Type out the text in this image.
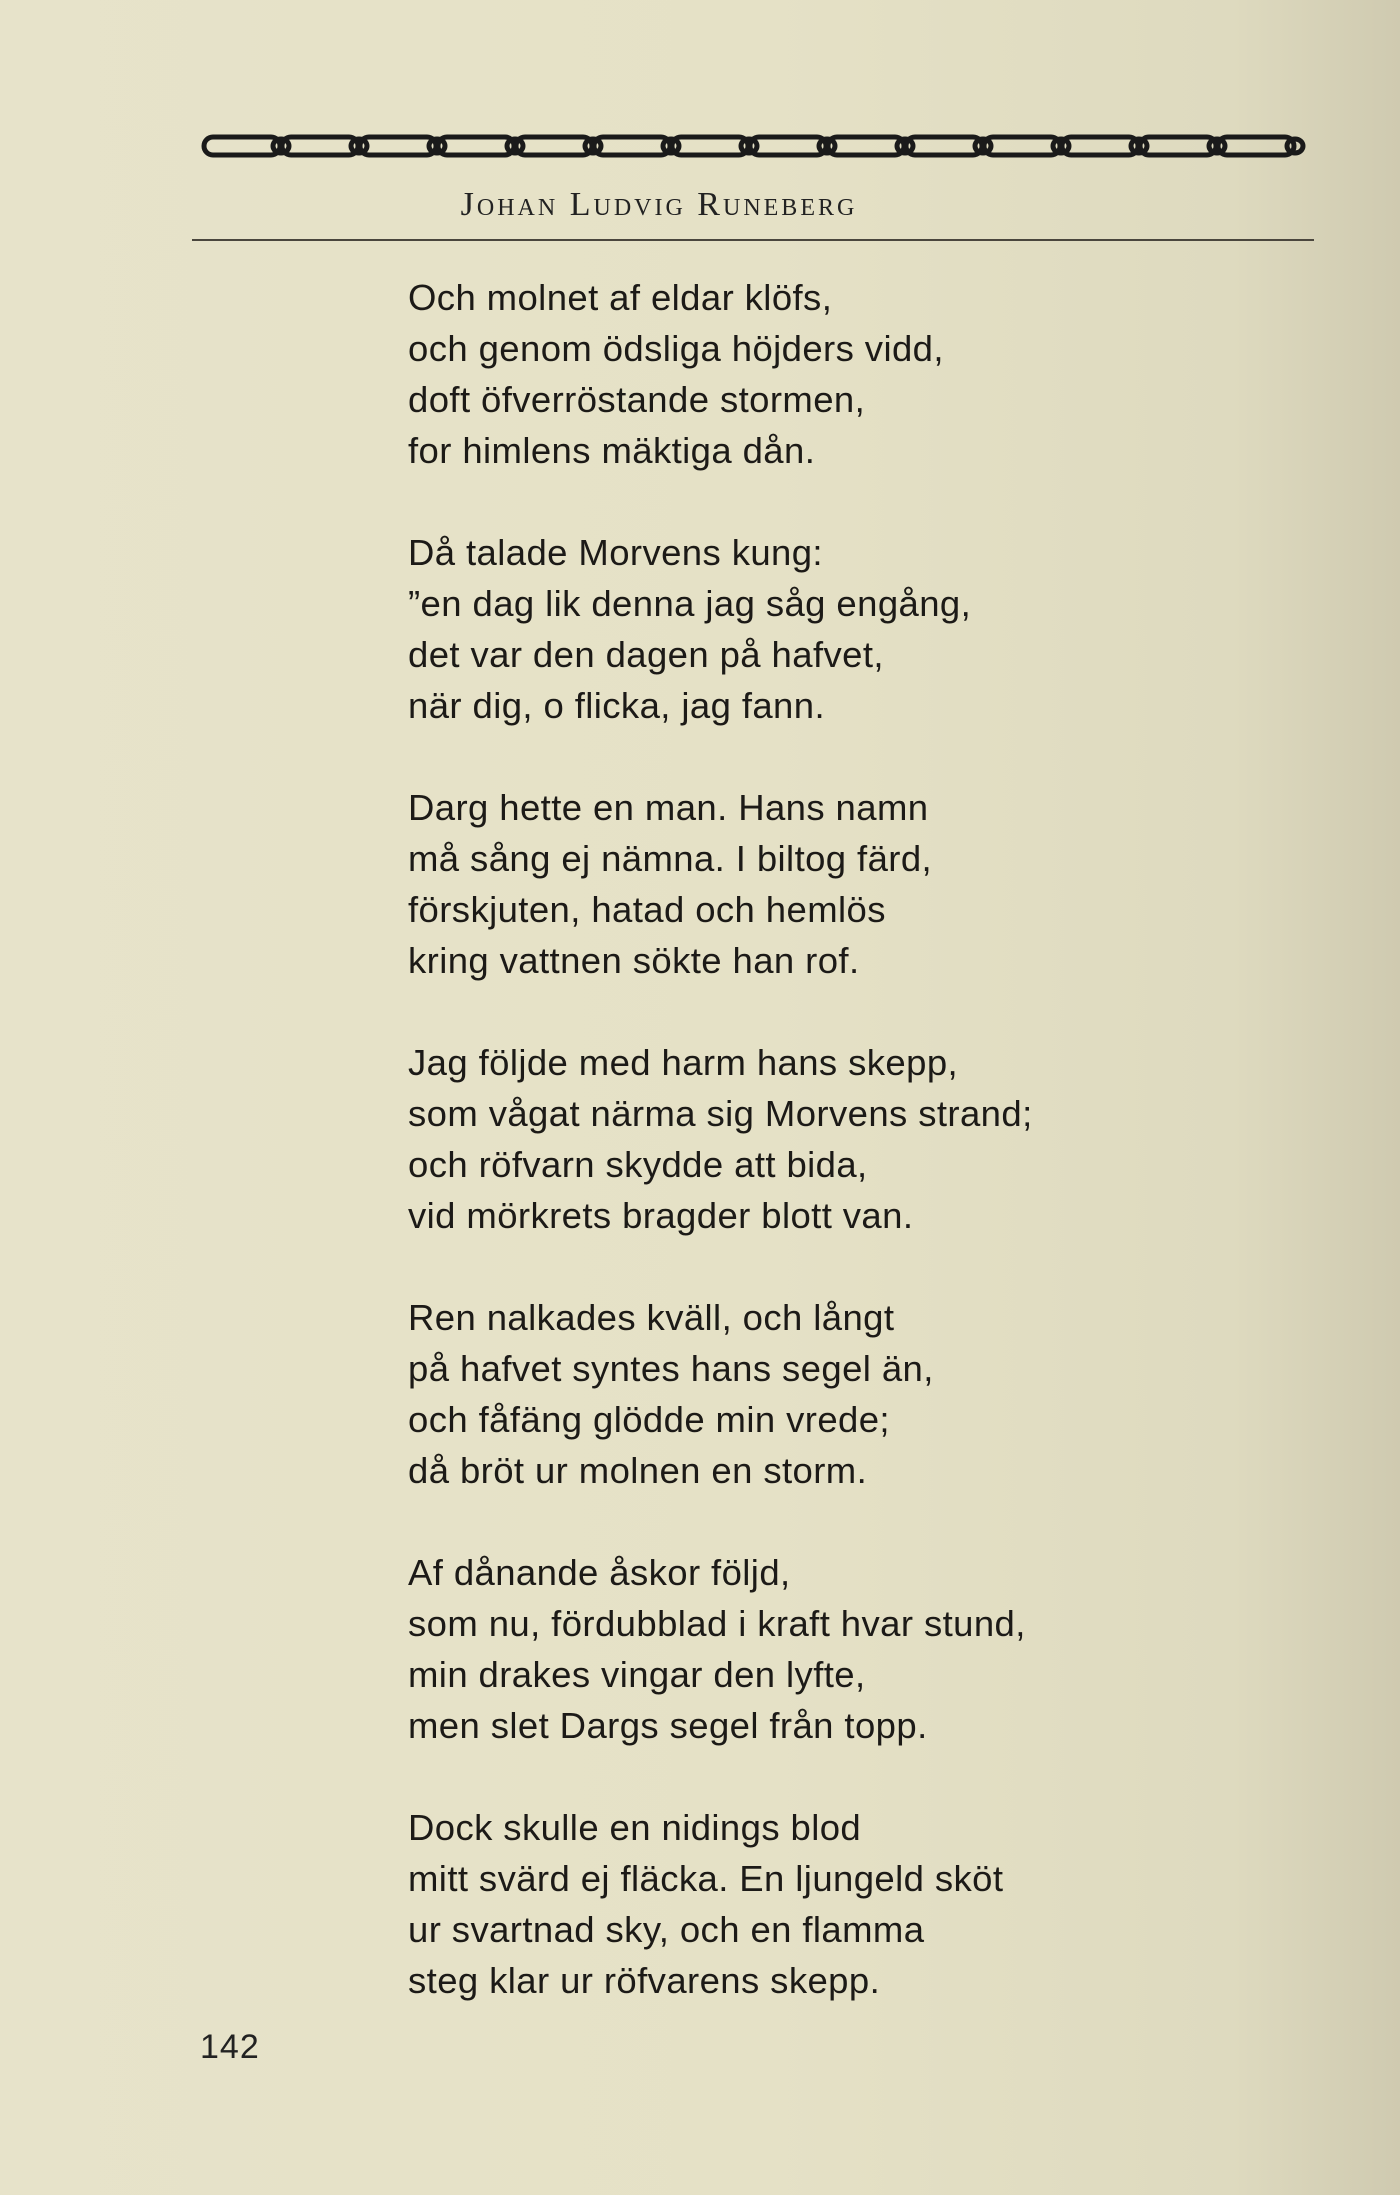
Johan Ludvig Runeberg
Och molnet af eldar klöfs,
och genom ödsliga höjders vidd,
doft öfverröstande stormen,
for himlens mäktiga dån.
Då talade Morvens kung:
”en dag lik denna jag såg engång,
det var den dagen på hafvet,
när dig, o flicka, jag fann.
Darg hette en man. Hans namn
må sång ej nämna. I biltog färd,
förskjuten, hatad och hemlös
kring vattnen sökte han rof.
Jag följde med harm hans skepp,
som vågat närma sig Morvens strand;
och röfvarn skydde att bida,
vid mörkrets bragder blott van.
Ren nalkades kväll, och långt
på hafvet syntes hans segel än,
och fåfäng glödde min vrede;
då bröt ur molnen en storm.
Af dånande åskor följd,
som nu, fördubblad i kraft hvar stund,
min drakes vingar den lyfte,
men slet Dargs segel från topp.
Dock skulle en nidings blod
mitt svärd ej fläcka. En ljungeld sköt
ur svartnad sky, och en flamma
steg klar ur röfvarens skepp.
142
